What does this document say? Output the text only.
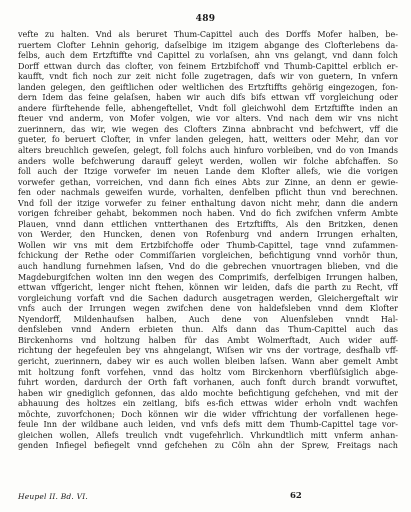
489
vefte zu halten. Vnd als beruret Thum-Capittel auch des Dorffs Mofer halben, be-
ruertem Clofter Lehnin gehorig, daſselbige im itzigem abgange des Clofterlebens da-
felbs, auch dem Ertzftiffte vnd Capittel zu vorlaſsen, ahn vns gelangt, vnd dann folch
Dorff ettwan durch das clofter, von feinem Ertzbifchoff vnd Thumb-Capittel erblich er-
kaufft, vndt fich noch zur zeit nicht folle zugetragen, dafs wir von guetern, In vnfern
landen gelegen, den geiftlichen oder weltlichen des Ertzftiffts gehörig eingezogen, fon-
dern Idem das feine gelaſsen, haben wir auch difs bifs ettwan vff vorgleichung oder
andere fürftehende felle, abhengeftellet, Vndt foll gleichwohl dem Ertzftiffte inden an
fteuer vnd anderm, von Mofer volgen, wie vor alters. Vnd nach dem wir vns nicht
zuerinnern, das wir, wie wegen des Clofters Zinna abnbracht vnd befchwert, vff die
gueter, fo beruert Clofter, in vnfer landen gelegen, hatt, weitters oder Mehr, dan vor
alters breuchlich geweſen, gelegt, foll folchs auch hinfuro vorbleiben, vnd do von Imands
anders wolle befchwerung darauff geleyt werden, wollen wir folche abfchaffen. So
foll auch der Itzige vorwefer im neuen Lande dem Klofter allefs, wie die vorigen
vorwefer gethan, vorreichen, vnd dann fich eines Abts zur Zinne, an denn er gewie-
fen oder nachmals geweifen wurde, vorhalten, denfelben pflicht thun vnd berechnen.
Vnd foll der itzige vorwefer zu feiner enthaltung davon nicht mehr, dann die andern
vorigen fchreiber gehabt, bekommen noch haben. Vnd do fich zwifchen vnferm Ambte
Plauen, vnnd dann ettlichen vntterthanen des Ertzftiffts, Als den Britzken, denen
von Werder, den Huncken, denen von Rofenburg vnd andern Irrungen erhalten,
Wollen wir vns mit dem Ertzbifchoffe oder Thumb-Capittel, tage vnnd zufammen-
fchickung der Rethe oder Commiſſarien vorgleichen, befichtigung vnnd vorhör thun,
auch handlung furnehmen laſsen, Vnd do die gebrechen vnuortragen blieben, vnd die
Magdeburgifchen wolten inn den wegen des Comprimifs, derfelbigen Irrungen halben,
ettwan vffgericht, lenger nicht ftehen, können wir leiden, dafs die parth zu Recht, vff
vorgleichung vorfaft vnd die Sachen dadurch ausgetragen werden, Gleichergeftalt wir
vnfs auch der Irrungen wegen zwifchen dene von haldefsleben vnnd dem Klofter
Nyendorff, Mildenhaufsen halben, Auch dene von Aluenfsleben vnndt Hal-
denfsleben vnnd Andern erbieten thun. Alfs dann das Thum-Capittel auch das
Birckenhorns vnd holtzung halben für das Ambt Wolmerftadt, Auch wider auff-
richtung der hegefeulen bey vns ahngelangt, Wiſsen wir vns der vortrage, desfhalb vff-
gericht, zuerinnern, dabey wir es auch wollen bleiben laſsen. Wann aber gemelt Ambt
mit holtzung fonft vorfehen, vnnd das holtz vom Birckenhorn vberflüſsiglich abge-
fuhrt worden, dardurch der Orth faft vorhanen, auch fonft durch brandt vorwuftet,
haben wir gnediglich gefonnen, das aldo mochte befichtigung gefchehen, vnd mit der
abhauung des holtzes ein zeitlang, bifs es-fich ettwas wider erholn vndt wachfen
möchte, zuvorfchonen; Doch können wir die wider vffrichtung der vorfallenen hege-
feule Inn der wildbane auch leiden, vnd vnfs defs mitt dem Thumb-Capittel tage vor-
gleichen wollen, Allefs treulich vndt vugefehrlich. Vhrkundtlich mitt vnferm anhan-
genden Infiegel befiegelt vnnd gefchehen zu Cöln ahn der Sprew, Freitags nach
Heupel II. Bd. VI.	62
